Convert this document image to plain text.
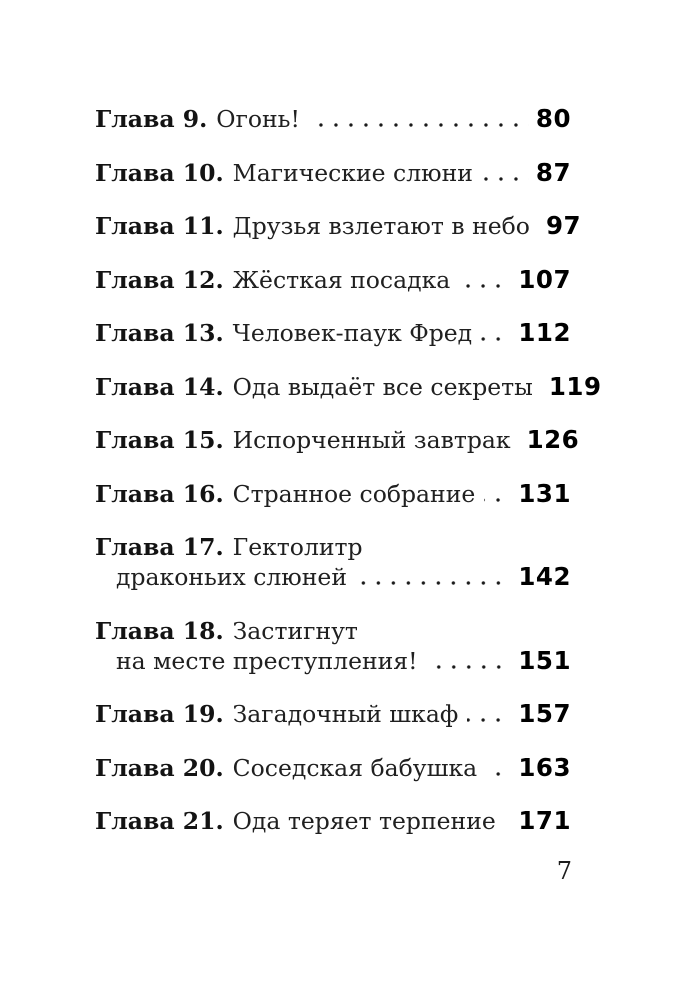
Глава 9. Огонь!	80
Глава 10. Магические слюни	87
Глава 11. Друзья взлетают в небо 97
Глава 12. Жёсткая посадка	107
Глава 13. Человек-паук Фред 112
Глава 14. Ода выдаёт все секреты 119
Глава 15. Испорченный завтрак 126
Глава 16. Странное собрание 131
Глава 17. Гектолитр
драконьих слюней	142
Глава 18. Застигнут
на месте преступления!	151
Глава 19. Загадочный шкаф 157
Глава 20. Соседская бабушка 163
Глава 21. Ода теряет терпение 171
7
